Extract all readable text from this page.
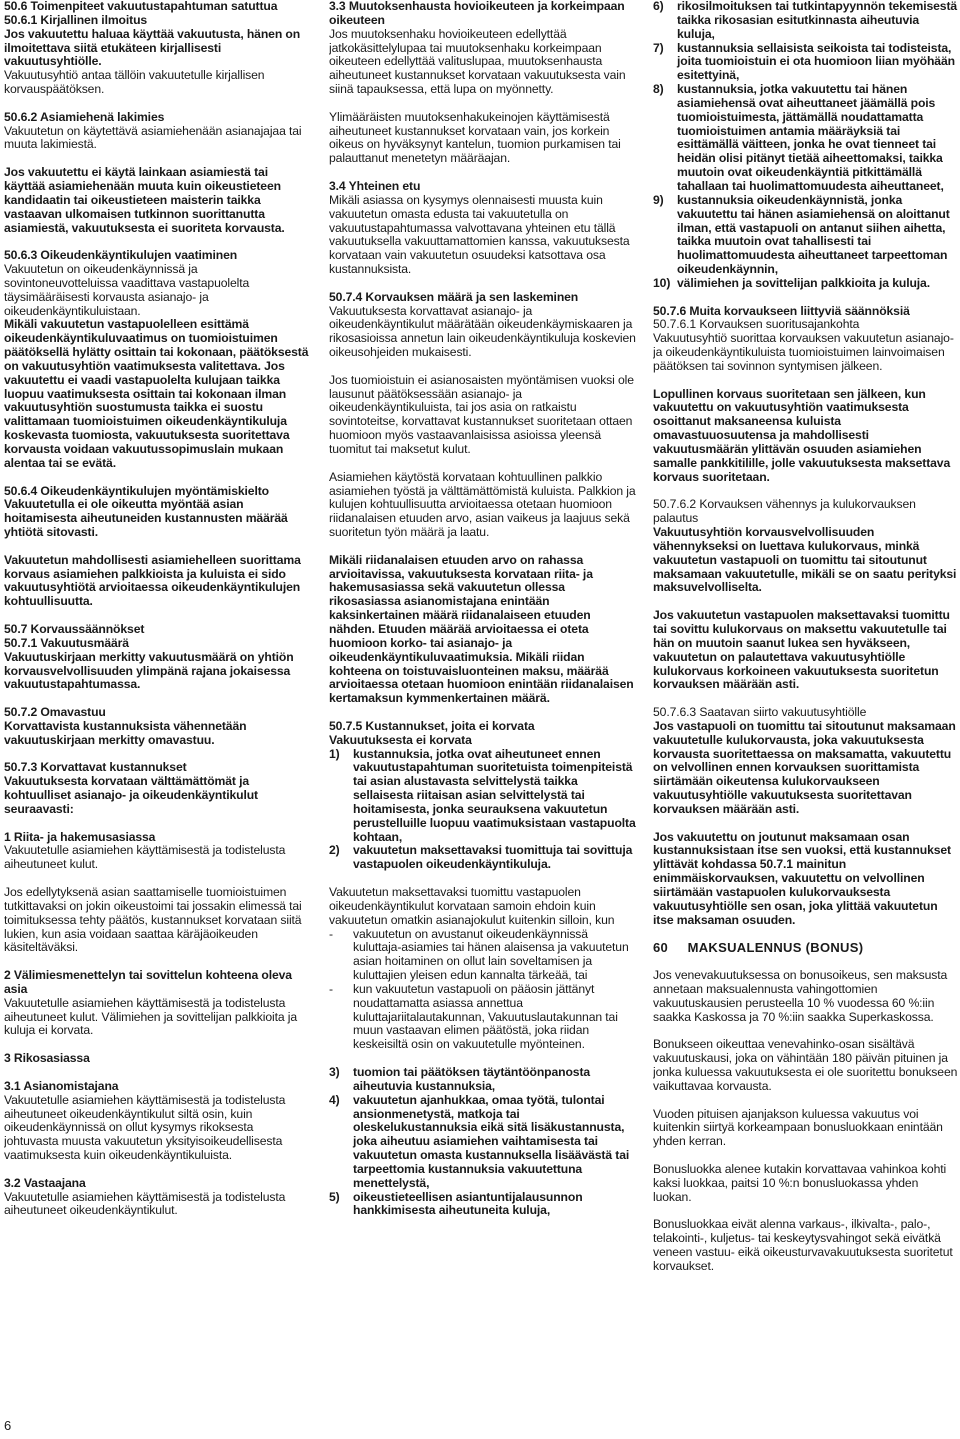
50.6 Toimenpiteet vakuutustapahtuman satuttua
50.6.1 Kirjallinen ilmoitus
Jos vakuutettu haluaa käyttää vakuutusta, hänen on ilmoitettava siitä etukäteen kirjallisesti vakuutusyhtiölle.
Vakuutusyhtiö antaa tällöin vakuutetulle kirjallisen korvauspäätöksen.
50.6.2 Asiamiehenä lakimies
Vakuutetun on käytettävä asiamiehenään asianajajaa tai muuta lakimiestä.
Jos vakuutettu ei käytä lainkaan asiamiestä tai käyttää asiamiehenään muuta kuin oikeustieteen kandidaatin tai oikeustieteen maisterin taikka vastaavan ulkomaisen tutkinnon suorittanutta asiamiestä, vakuutuksesta ei suoriteta korvausta.
50.6.3 Oikeudenkäyntikulujen vaatiminen
Vakuutetun on oikeudenkäynnissä ja sovintoneuvotteluissa vaadittava vastapuolelta täysimääräisesti korvausta asianajo- ja oikeudenkäyntikuluistaan.
Mikäli vakuutetun vastapuolelleen esittämä oikeudenkäyntikuluvaatimus on tuomioistuimen päätöksellä hylätty osittain tai kokonaan, päätöksestä on vakuutusyhtiön vaatimuksesta valitettava. Jos vakuutettu ei vaadi vastapuolelta kulujaan taikka luopuu vaatimuksesta osittain tai kokonaan ilman vakuutusyhtiön suostumusta taikka ei suostu valittamaan tuomioistuimen oikeudenkäyntikuluja koskevasta tuomiosta, vakuutuksesta suoritettava korvausta voidaan vakuutussopimuslain mukaan alentaa tai se evätä.
50.6.4 Oikeudenkäyntikulujen myöntämiskielto
Vakuutetulla ei ole oikeutta myöntää asian hoitamisesta aiheutuneiden kustannusten määrää yhtiötä sitovasti.
Vakuutetun mahdollisesti asiamiehelleen suorittama korvaus asiamiehen palkkioista ja kuluista ei sido vakuutusyhtiötä arvioitaessa oikeudenkäyntikulujen kohtuullisuutta.
50.7 Korvaussäännökset
50.7.1 Vakuutusmäärä
Vakuutuskirjaan merkitty vakuutusmäärä on yhtiön korvausvelvollisuuden ylimpänä rajana jokaisessa vakuutustapahtumassa.
50.7.2 Omavastuu
Korvattavista kustannuksista vähennetään vakuutuskirjaan merkitty omavastuu.
50.7.3 Korvattavat kustannukset
Vakuutuksesta korvataan välttämättömät ja kohtuulliset asianajo- ja oikeudenkäyntikulut seuraavasti:
1 Riita- ja hakemusasiassa
Vakuutetulle asiamiehen käyttämisestä ja todistelusta aiheutuneet kulut.
Jos edellytyksenä asian saattamiselle tuomioistuimen tutkittavaksi on jokin oikeustoimi tai jossakin elimessä tai toimituksessa tehty päätös, kustannukset korvataan siitä lukien, kun asia voidaan saattaa käräjäoikeuden käsiteltäväksi.
2 Välimiesmenettelyn tai sovittelun kohteena oleva asia
Vakuutetulle asiamiehen käyttämisestä ja todistelusta aiheutuneet kulut. Välimiehen ja sovittelijan palkkioita ja kuluja ei korvata.
3 Rikosasiassa
3.1 Asianomistajana
Vakuutetulle asiamiehen käyttämisestä ja todistelusta aiheutuneet oikeudenkäyntikulut siltä osin, kuin oikeudenkäynnissä on ollut kysymys rikoksesta johtuvasta muusta vakuutetun yksityisoikeudellisesta vaatimuksesta kuin oikeudenkäyntikuluista.
3.2 Vastaajana
Vakuutetulle asiamiehen käyttämisestä ja todistelusta aiheutuneet oikeudenkäyntikulut.
3.3 Muutoksenhausta hovioikeuteen ja korkeimpaan oikeuteen
Jos muutoksenhaku hovioikeuteen edellyttää jatkokäsittelylupaa tai muutoksenhaku korkeimpaan oikeuteen edellyttää valituslupaa, muutoksenhausta aiheutuneet kustannukset korvataan vakuutuksesta vain siinä tapauksessa, että lupa on myönnetty.
Ylimääräisten muutoksenhakukeinojen käyttämisestä aiheutuneet kustannukset korvataan vain, jos korkein oikeus on hyväksynyt kantelun, tuomion purkamisen tai palauttanut menetetyn määräajan.
3.4 Yhteinen etu
Mikäli asiassa on kysymys olennaisesti muusta kuin vakuutetun omasta edusta tai vakuutetulla on vakuutustapahtumassa valvottavana yhteinen etu tällä vakuutuksella vakuuttamattomien kanssa, vakuutuksesta korvataan vain vakuutetun osuudeksi katsottava osa kustannuksista.
50.7.4 Korvauksen määrä ja sen laskeminen
Vakuutuksesta korvattavat asianajo- ja oikeudenkäyntikulut määrätään oikeudenkäymiskaaren ja rikosasioissa annetun lain oikeudenkäyntikuluja koskevien oikeusohjeiden mukaisesti.
Jos tuomioistuin ei asianosaisten myöntämisen vuoksi ole lausunut päätöksessään asianajo- ja oikeudenkäyntikuluista, tai jos asia on ratkaistu sovintoteitse, korvattavat kustannukset suoritetaan ottaen huomioon myös vastaavanlaisissa asioissa yleensä tuomitut tai maksetut kulut.
Asiamiehen käytöstä korvataan kohtuullinen palkkio asiamiehen työstä ja välttämättömistä kuluista. Palkkion ja kulujen kohtuullisuutta arvioitaessa otetaan huomioon riidanalaisen etuuden arvo, asian vaikeus ja laajuus sekä suoritetun työn määrä ja laatu.
Mikäli riidanalaisen etuuden arvo on rahassa arvioitavissa, vakuutuksesta korvataan riita- ja hakemusasiassa sekä vakuutetun ollessa rikosasiassa asianomistajana enintään kaksinkertainen määrä riidanalaiseen etuuden nähden. Etuuden määrää arvioitaessa ei oteta huomioon korko- tai asianajo- ja oikeudenkäyntikuluvaatimuksia. Mikäli riidan kohteena on toistuvaisluonteinen maksu, määrää arvioitaessa otetaan huomioon enintään riidanalaisen kertamaksun kymmenkertainen määrä.
50.7.5 Kustannukset, joita ei korvata
Vakuutuksesta ei korvata
1)	kustannuksia, jotka ovat aiheutuneet ennen vakuutustapahtuman suoritetuista toimenpiteistä tai asian alustavasta selvittelystä taikka sellaisesta riitaisan asian selvittelystä tai hoitamisesta, jonka seurauksena vakuutetun perustelluille luopuu vaatimuksistaan vastapuolta kohtaan,
2)	vakuutetun maksettavaksi tuomittuja tai sovittuja vastapuolen oikeudenkäyntikuluja.
Vakuutetun maksettavaksi tuomittu vastapuolen oikeudenkäyntikulut korvataan samoin ehdoin kuin vakuutetun omatkin asianajokulut kuitenkin silloin, kun
-	vakuutetun on avustanut oikeudenkäynnissä kuluttaja-asiamies tai hänen alaisensa ja vakuutetun asian hoitaminen on ollut lain soveltamisen ja kuluttajien yleisen edun kannalta tärkeää, tai
-	kun vakuutetun vastapuoli on pääosin jättänyt noudattamatta asiassa annettua kuluttajariitalautakunnan, Vakuutuslautakunnan tai muun vastaavan elimen päätöstä, joka riidan keskeisiltä osin on vakuutetulle myönteinen.
3)	tuomion tai päätöksen täytäntöönpanosta aiheutuvia kustannuksia,
4)	vakuutetun ajanhukkaa, omaa työtä, tulontai ansionmenetystä, matkoja tai oleskelukustannuksia eikä sitä lisäkustannusta, joka aiheutuu asiamiehen vaihtamisesta tai vakuutetun omasta kustannuksella lisäävästä tai tarpeettomia kustannuksia vakuutettuna menettelystä,
5)	oikeustieteellisen asiantuntijalausunnon hankkimisesta aiheutuneita kuluja,
6)	rikosilmoituksen tai tutkintapyynnön tekemisestä taikka rikosasian esitutkinnasta aiheutuvia kuluja,
7)	kustannuksia sellaisista seikoista tai todisteista, joita tuomioistuin ei ota huomioon liian myöhään esitettyinä,
8)	kustannuksia, jotka vakuutettu tai hänen asiamiehensä ovat aiheuttaneet jäämällä pois tuomioistuimesta, jättämällä noudattamatta tuomioistuimen antamia määräyksiä tai esittämällä väitteen, jonka he ovat tienneet tai heidän olisi pitänyt tietää aiheettomaksi, taikka muutoin ovat oikeudenkäyntiä pitkittämällä tahallaan tai huolimattomuudesta aiheuttaneet,
9)	kustannuksia oikeudenkäynnistä, jonka vakuutettu tai hänen asiamiehensä on aloittanut ilman, että vastapuoli on antanut siihen aihetta, taikka muutoin ovat tahallisesti tai huolimattomuudesta aiheuttaneet tarpeettoman oikeudenkäynnin,
10) välimiehen ja sovittelijan palkkioita ja kuluja.
50.7.6 Muita korvaukseen liittyviä säännöksiä
50.7.6.1 Korvauksen suoritusajankohta
Vakuutusyhtiö suorittaa korvauksen vakuutetun asianajo- ja oikeudenkäyntikuluista tuomioistuimen lainvoimaisen päätöksen tai sovinnon syntymisen jälkeen.
Lopullinen korvaus suoritetaan sen jälkeen, kun vakuutettu on vakuutusyhtiön vaatimuksesta osoittanut maksaneensa kuluista omavastuuosuutensa ja mahdollisesti vakuutusmäärän ylittävän osuuden asiamiehen samalle pankkitilille, jolle vakuutuksesta maksettava korvaus suoritetaan.
50.7.6.2 Korvauksen vähennys ja kulukorvauksen palautus
Vakuutusyhtiön korvausvelvollisuuden vähennykseksi on luettava kulukorvaus, minkä vakuutetun vastapuoli on tuomittu tai sitoutunut maksamaan vakuutetulle, mikäli se on saatu perityksi maksuvelvolliselta.
Jos vakuutetun vastapuolen maksettavaksi tuomittu tai sovittu kulukorvaus on maksettu vakuutetulle tai hän on muutoin saanut lukea sen hyväkseen, vakuutetun on palautettava vakuutusyhtiölle kulukorvaus korkoineen vakuutuksesta suoritetun korvauksen määrään asti.
50.7.6.3 Saatavan siirto vakuutusyhtiölle
Jos vastapuoli on tuomittu tai sitoutunut maksamaan vakuutetulle kulukorvausta, joka vakuutuksesta korvausta suoritettaessa on maksamatta, vakuutettu on velvollinen ennen korvauksen suorittamista siirtämään oikeutensa kulukorvaukseen vakuutusyhtiölle vakuutuksesta suoritettavan korvauksen määrään asti.
Jos vakuutettu on joutunut maksamaan osan kustannuksistaan itse sen vuoksi, että kustannukset ylittävät kohdassa 50.7.1 mainitun enimmäiskorvauksen, vakuutettu on velvollinen siirtämään vastapuolen kulukorvauksesta vakuutusyhtiölle sen osan, joka ylittää vakuutetun itse maksaman osuuden.
60     MAKSUALENNUS (BONUS)
Jos venevakuutuksessa on bonusoikeus, sen maksusta annetaan maksualennusta vahingottomien vakuutuskausien perusteella 10 % vuodessa 60 %:iin saakka Kaskossa ja 70 %:iin saakka Superkaskossa.
Bonukseen oikeuttaa venevahinko-osan sisältävä vakuutuskausi, joka on vähintään 180 päivän pituinen ja jonka kuluessa vakuutuksesta ei ole suoritettu bonukseen vaikuttavaa korvausta.
Vuoden pituisen ajanjakson kuluessa vakuutus voi kuitenkin siirtyä korkeampaan bonusluokkaan enintään yhden kerran.
Bonusluokka alenee kutakin korvattavaa vahinkoa kohti kaksi luokkaa, paitsi 10 %:n bonusluokassa yhden luokan.
Bonusluokkaa eivät alenna varkaus-, ilkivalta-, palo-, telakointi-, kuljetus- tai keskeytysvahingot sekä eivätkä veneen vastuu- eikä oikeusturvavakuutuksesta suoritetut korvaukset.
6
